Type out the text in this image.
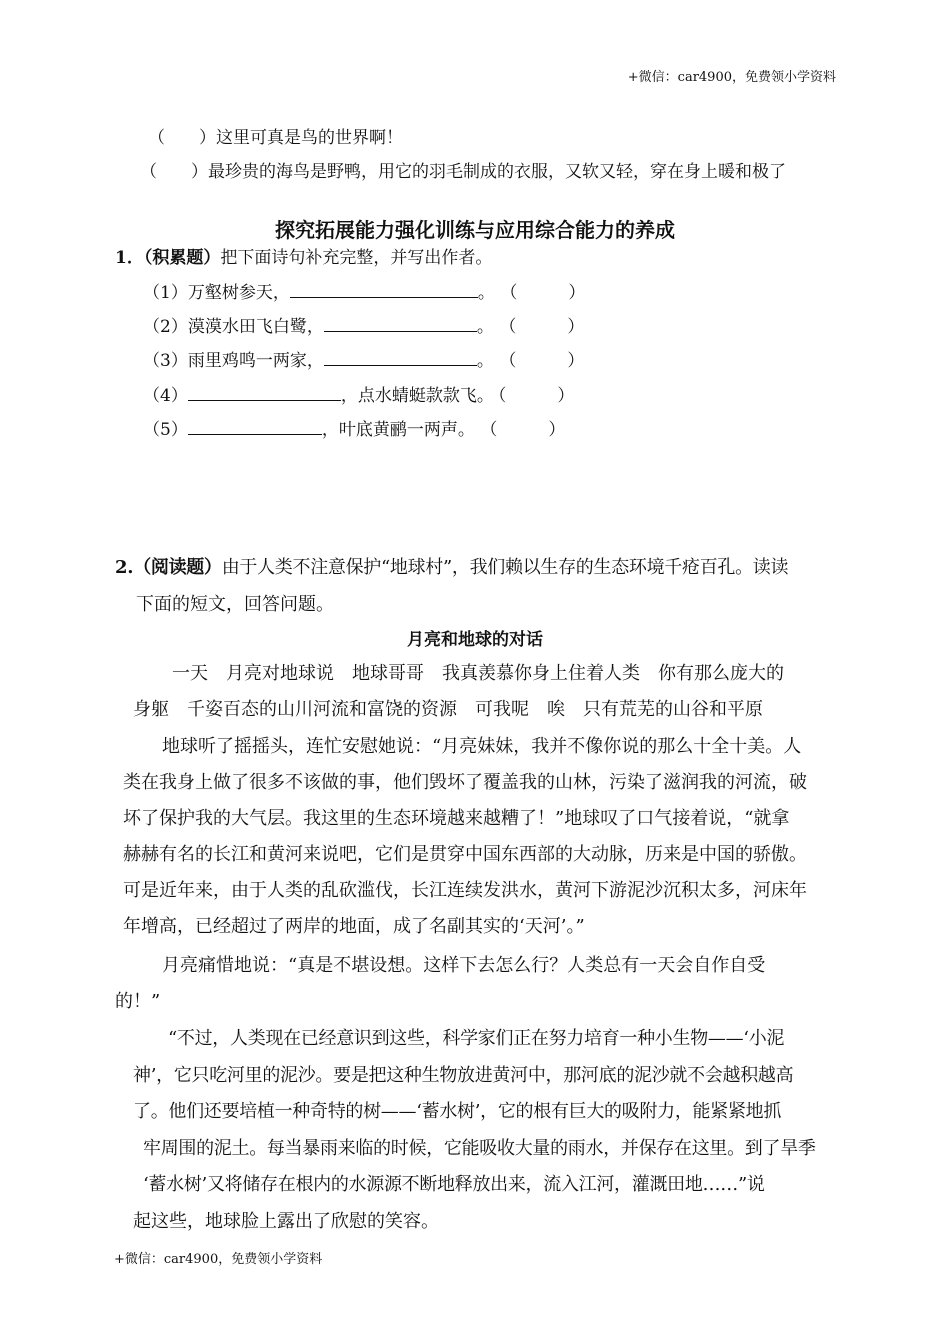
+微信：car4900，免费领小学资料
（　　）这里可真是鸟的世界啊！
（　　）最珍贵的海鸟是野鸭，用它的羽毛制成的衣服，又软又轻，穿在身上暖和极了
探究拓展能力强化训练与应用综合能力的养成
1．（积累题）把下面诗句补充完整，并写出作者。
（1）万壑树参天，	。 （　　　）
（2）漠漠水田飞白鹭，	。 （　　　）
（3）雨里鸡鸣一两家，	。 （　　　）
（4）	，点水蜻蜓款款飞。 （　　　）
（5）	，叶底黄鹂一两声。 （　　　）
2.（阅读题）由于人类不注意保护“地球村”，我们赖以生存的生态环境千疮百孔。读读
下面的短文，回答问题。
月亮和地球的对话
一天　月亮对地球说　地球哥哥　我真羡慕你身上住着人类　你有那么庞大的
身躯　千姿百态的山川河流和富饶的资源　可我呢　唉　只有荒芜的山谷和平原
地球听了摇摇头，连忙安慰她说：“月亮妹妹，我并不像你说的那么十全十美。人
类在我身上做了很多不该做的事，他们毁坏了覆盖我的山林，污染了滋润我的河流，破
坏了保护我的大气层。我这里的生态环境越来越糟了！”地球叹了口气接着说，“就拿
赫赫有名的长江和黄河来说吧，它们是贯穿中国东西部的大动脉，历来是中国的骄傲。
可是近年来，由于人类的乱砍滥伐，长江连续发洪水，黄河下游泥沙沉积太多，河床年
年增高，已经超过了两岸的地面，成了名副其实的‘天河’。”
月亮痛惜地说：“真是不堪设想。这样下去怎么行？人类总有一天会自作自受
的！”
“不过，人类现在已经意识到这些，科学家们正在努力培育一种小生物——‘小泥
神’，它只吃河里的泥沙。要是把这种生物放进黄河中，那河底的泥沙就不会越积越高
了。他们还要培植一种奇特的树——‘蓄水树’，它的根有巨大的吸附力，能紧紧地抓
牢周围的泥土。每当暴雨来临的时候，它能吸收大量的雨水，并保存在这里。到了旱季
‘蓄水树’又将储存在根内的水源源不断地释放出来，流入江河，灌溉田地……”说
起这些，地球脸上露出了欣慰的笑容。
+微信：car4900，免费领小学资料
